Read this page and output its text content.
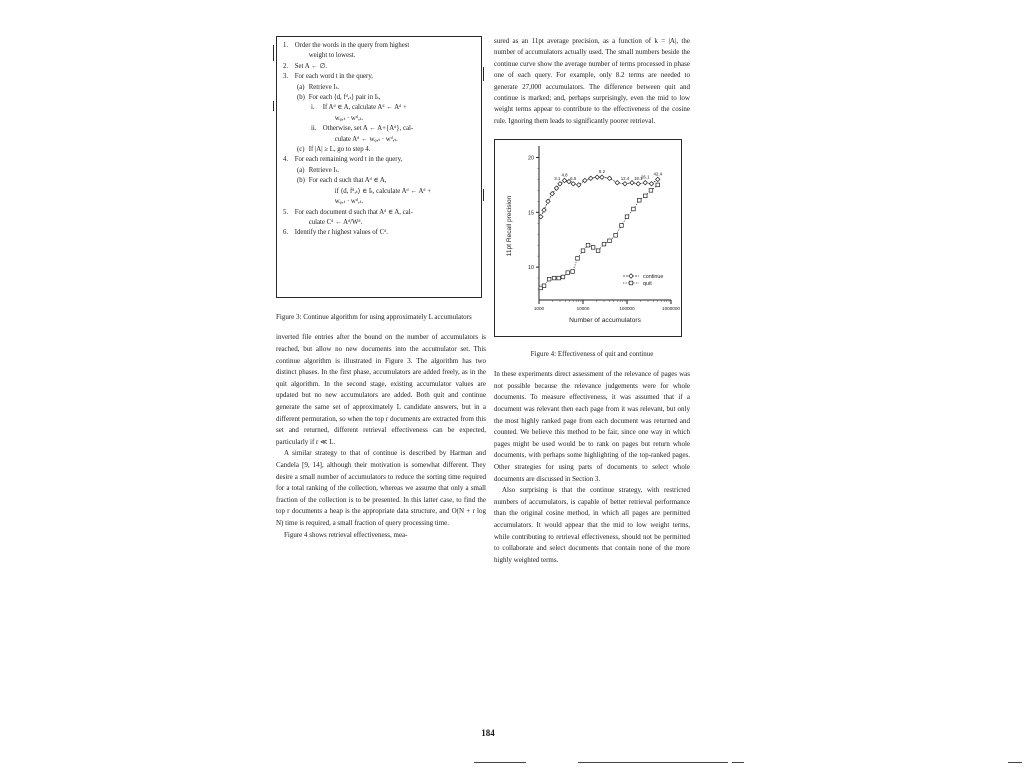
1. Order the words in the query from highest
weight to lowest.
2. Set A ← ∅.
3. For each word t in the query,
(a) Retrieve Iₜ.
(b) For each ⟨d, fᵈ,ₜ⟩ pair in Iₜ,
i. If Aᵈ ∈ A, calculate Aᵈ ← Aᵈ +
wᵩ,ₜ · wᵈ,ₜ.
ii. Otherwise, set A ← A+{Aᵈ}, cal-
culate Aᵈ ← wᵩ,ₜ · wᵈ,ₜ.
(c) If |A| ≥ L, go to step 4.
4. For each remaining word t in the query,
(a) Retrieve Iₜ.
(b) For each d such that Aᵈ ∈ A,
if ⟨d, fᵈ,ₜ⟩ ∈ Iₜ, calculate Aᵈ ← Aᵈ +
wᵩ,ₜ · wᵈ,ₜ.
5. For each document d such that Aᵈ ∈ A, cal-
culate Cᵈ ← Aᵈ/Wᵈ.
6. Identify the r highest values of Cᵈ.
Figure 3: Continue algorithm for using approximately L accumulators

inverted file entries after the bound on the number of accumulators is reached, but allow no new documents into the accumulator set. This continue algorithm is illustrated in Figure 3. The algorithm has two distinct phases. In the first phase, accumulators are added freely, as in the quit algorithm. In the second stage, existing accumulator values are updated but no new accumulators are added. Both quit and continue generate the same set of approximately L candidate answers, but in a different permutation, so when the top r documents are extracted from this set and returned, different retrieval effectiveness can be expected, particularly if r ≪ L.

A similar strategy to that of continue is described by Harman and Candela [9, 14], although their motivation is somewhat different. They desire a small number of accumulators to reduce the sorting time required for a total ranking of the collection, whereas we assume that only a small fraction of the collection is to be presented. In this latter case, to find the top r documents a heap is the appropriate data structure, and O(N + r log N) time is required, a small fraction of query processing time.

Figure 4 shows retrieval effectiveness, mea-

sured as an 11pt average precision, as a function of k = |A|, the number of accumulators actually used. The small numbers beside the continue curve show the average number of terms processed in phase one of each query. For example, only 8.2 terms are needed to generate 27,000 accumulators. The difference between quit and continue is marked; and, perhaps surprisingly, even the mid to low weight terms appear to contribute to the effectiveness of the cosine rule. Ignoring them leads to significantly poorer retrieval.

1000	10000	100000	1000000
10
15
20
Number of accumulators
11pt Recall precision
3.1
4.8
6.5
8.2
12.4 19.1
26.1
42.4
continue
quit
Figure 4: Effectiveness of quit and continue

In these experiments direct assessment of the relevance of pages was not possible because the relevance judgements were for whole documents. To measure effectiveness, it was assumed that if a document was relevant then each page from it was relevant, but only the most highly ranked page from each document was returned and counted. We believe this method to be fair, since one way in which pages might be used would be to rank on pages but return whole documents, with perhaps some highlighting of the top-ranked pages. Other strategies for using parts of documents to select whole documents are discussed in Section 3.

Also surprising is that the continue strategy, with restricted numbers of accumulators, is capable of better retrieval performance than the original cosine method, in which all pages are permitted accumulators. It would appear that the mid to low weight terms, while contributing to retrieval effectiveness, should not be permitted to collaborate and select documents that contain none of the more highly weighted terms.

184
